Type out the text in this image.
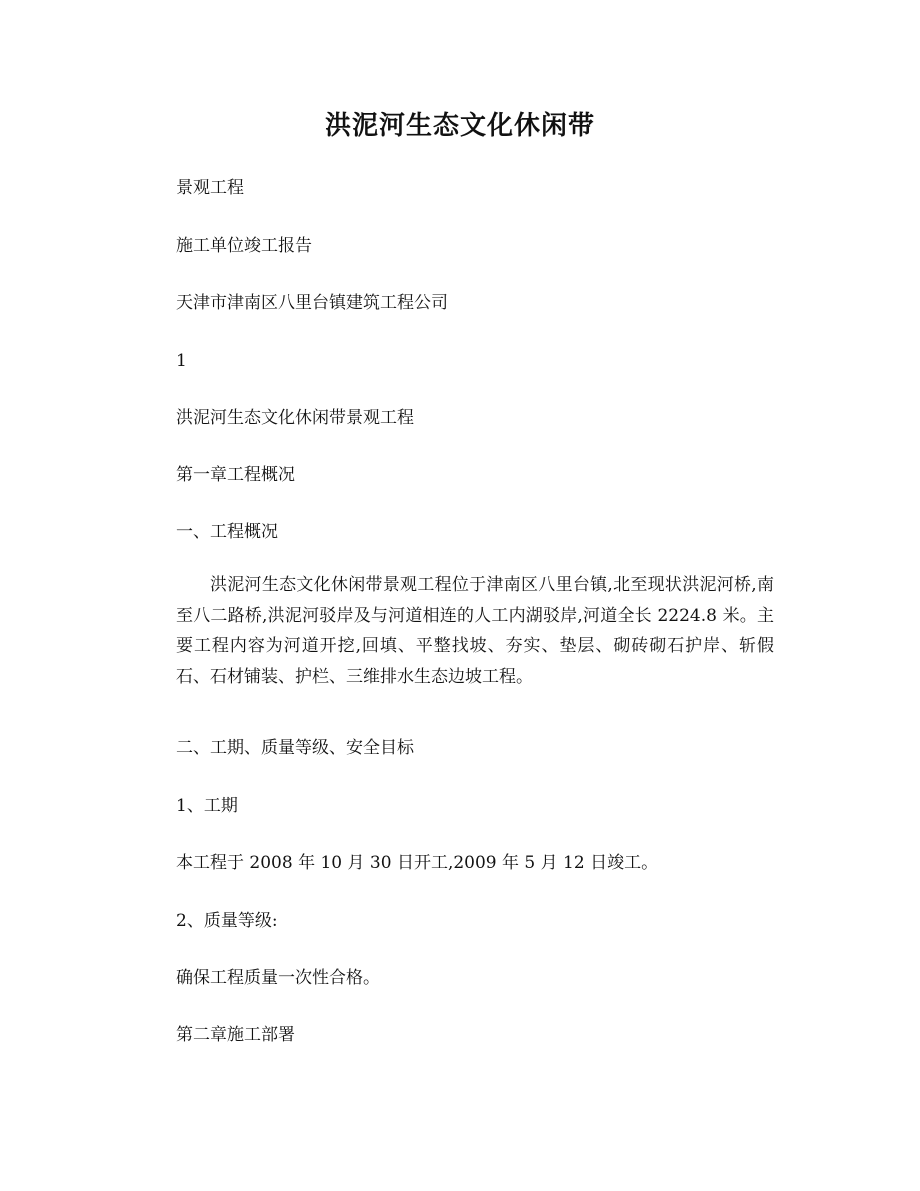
洪泥河生态文化休闲带

景观工程

施工单位竣工报告

天津市津南区八里台镇建筑工程公司

1

洪泥河生态文化休闲带景观工程

第一章工程概况

一、工程概况

洪泥河生态文化休闲带景观工程位于津南区八里台镇,北至现状洪泥河桥,南至八二路桥,洪泥河驳岸及与河道相连的人工内湖驳岸,河道全长 2224.8 米。主要工程内容为河道开挖,回填、平整找坡、夯实、垫层、砌砖砌石护岸、斩假石、石材铺装、护栏、三维排水生态边坡工程。

二、工期、质量等级、安全目标

1、工期

本工程于 2008 年 10 月 30 日开工,2009 年 5 月 12 日竣工。

2、质量等级:

确保工程质量一次性合格。

第二章施工部署
